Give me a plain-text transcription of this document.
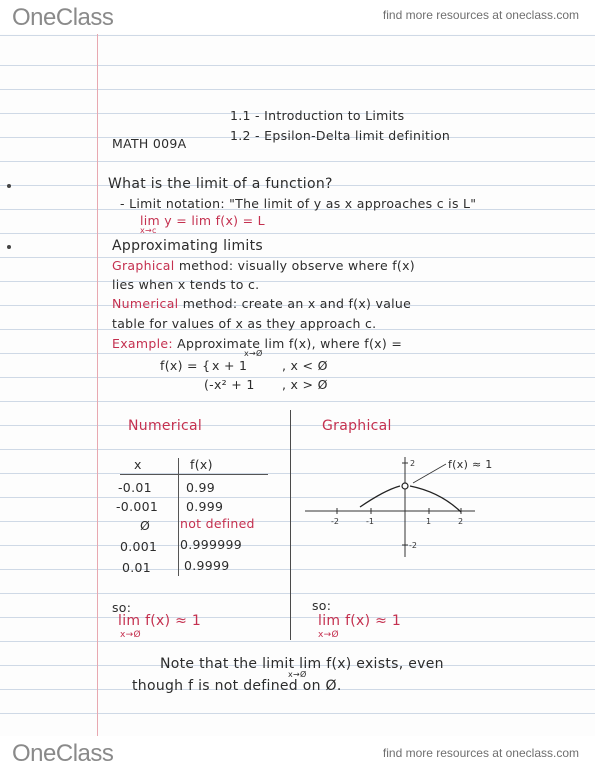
OneClass	find more resources at oneclass.com
1.1 - Introduction to Limits
MATH 009A
1.2 - Epsilon-Delta limit definition
What is the limit of a function?
- Limit notation: "The limit of y as x approaches c is L"
lim y = lim f(x) = L
x→c
Approximating limits
Graphical method: visually observe where f(x)
lies when x tends to c.
Numerical method: create an x and f(x) value
table for values of x as they approach c.
Example: Approximate lim f(x), where f(x) =
x→Ø
f(x) = { x + 1	, x < Ø
(-x² + 1 , x > Ø
Numerical
x	f(x)
-0.01	0.99
-0.001 0.999
Ø not defined
0.001 0.999999
0.01	0.9999
so:
lim f(x) ≈ 1
x→Ø
Graphical
f(x) ≈ 1
2
-2
-2	-1	1	2
so:
lim f(x) ≈ 1
x→Ø
Note that the limit lim f(x) exists, even
x→Ø
though f is not defined on Ø.
OneClass	find more resources at oneclass.com
